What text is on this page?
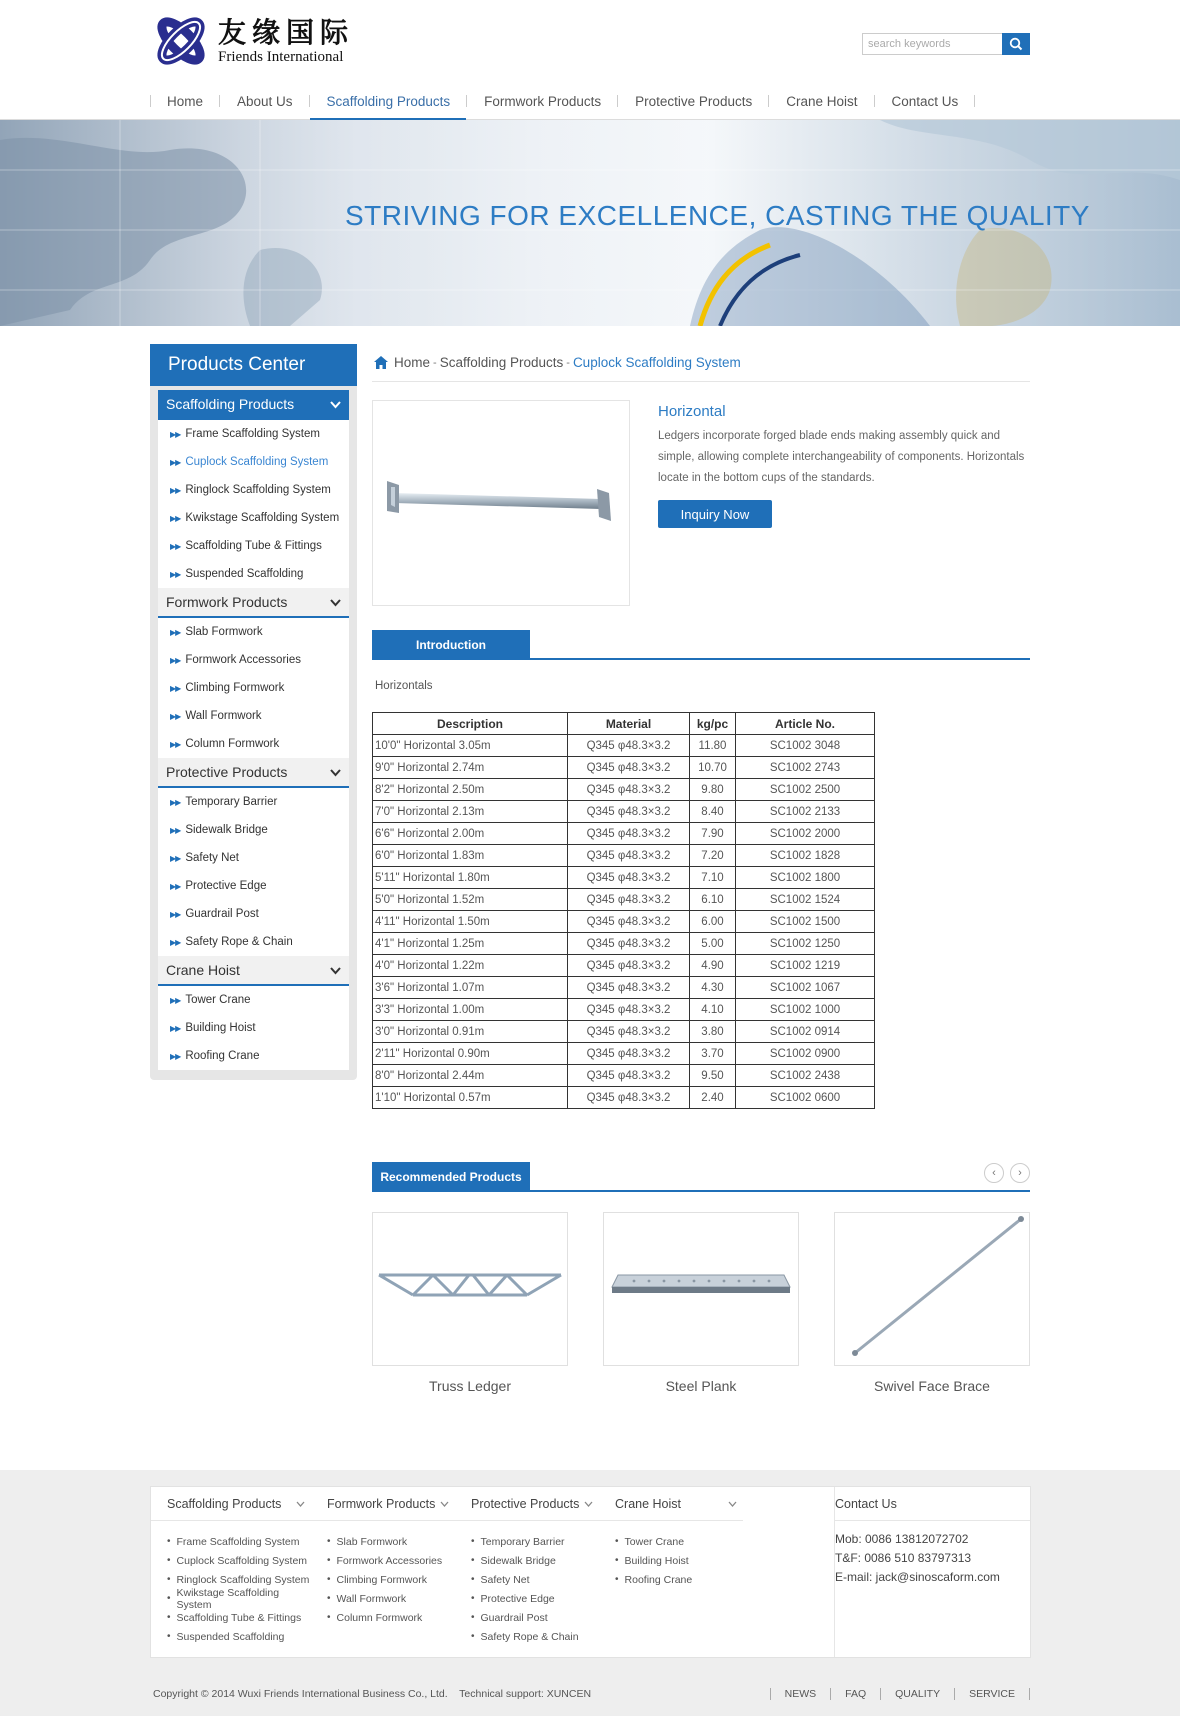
友缘国际
Friends International
search keywords
Home	About Us	Scaffolding Products	Formwork Products	Protective Products	Crane Hoist	Contact Us
STRIVING FOR EXCELLENCE, CASTING THE QUALITY
Products Center
Scaffolding Products
▶▶ Frame Scaffolding System
▶▶ Cuplock Scaffolding System
▶▶ Ringlock Scaffolding System
▶▶ Kwikstage Scaffolding System
▶▶ Scaffolding Tube & Fittings
▶▶ Suspended Scaffolding
Formwork Products
▶▶ Slab Formwork
▶▶ Formwork Accessories
▶▶ Climbing Formwork
▶▶ Wall Formwork
▶▶ Column Formwork
Protective Products
▶▶ Temporary Barrier
▶▶ Sidewalk Bridge
▶▶ Safety Net
▶▶ Protective Edge
▶▶ Guardrail Post
▶▶ Safety Rope & Chain
Crane Hoist
▶▶ Tower Crane
▶▶ Building Hoist
▶▶ Roofing Crane
Home - Scaffolding Products - Cuplock Scaffolding System
Horizontal
Ledgers incorporate forged blade ends making assembly quick and simple, allowing complete interchangeability of components. Horizontals locate in the bottom cups of the standards.
Inquiry Now
Introduction
Horizontals
Description	Material	kg/pc	Article No.
10'0" Horizontal 3.05m	Q345 φ48.3×3.2	11.80	SC1002 3048
9'0" Horizontal 2.74m	Q345 φ48.3×3.2	10.70	SC1002 2743
8'2" Horizontal 2.50m	Q345 φ48.3×3.2	9.80	SC1002 2500
7'0" Horizontal 2.13m	Q345 φ48.3×3.2	8.40	SC1002 2133
6'6" Horizontal 2.00m	Q345 φ48.3×3.2	7.90	SC1002 2000
6'0" Horizontal 1.83m	Q345 φ48.3×3.2	7.20	SC1002 1828
5'11" Horizontal 1.80m	Q345 φ48.3×3.2	7.10	SC1002 1800
5'0" Horizontal 1.52m	Q345 φ48.3×3.2	6.10	SC1002 1524
4'11" Horizontal 1.50m	Q345 φ48.3×3.2	6.00	SC1002 1500
4'1" Horizontal 1.25m	Q345 φ48.3×3.2	5.00	SC1002 1250
4'0" Horizontal 1.22m	Q345 φ48.3×3.2	4.90	SC1002 1219
3'6" Horizontal 1.07m	Q345 φ48.3×3.2	4.30	SC1002 1067
3'3" Horizontal 1.00m	Q345 φ48.3×3.2	4.10	SC1002 1000
3'0" Horizontal 0.91m	Q345 φ48.3×3.2	3.80	SC1002 0914
2'11" Horizontal 0.90m	Q345 φ48.3×3.2	3.70	SC1002 0900
8'0" Horizontal 2.44m	Q345 φ48.3×3.2	9.50	SC1002 2438
1'10" Horizontal 0.57m	Q345 φ48.3×3.2	2.40	SC1002 0600
Recommended Products	‹	›
Truss Ledger	Steel Plank	Swivel Face Brace
Scaffolding Products
• Frame Scaffolding System
• Cuplock Scaffolding System
• Ringlock Scaffolding System
• Kwikstage Scaffolding System
• Scaffolding Tube & Fittings
• Suspended Scaffolding
Formwork Products
• Slab Formwork
• Formwork Accessories
• Climbing Formwork
• Wall Formwork
• Column Formwork
Protective Products
• Temporary Barrier
• Sidewalk Bridge
• Safety Net
• Protective Edge
• Guardrail Post
• Safety Rope & Chain
Crane Hoist
• Tower Crane
• Building Hoist
• Roofing Crane
Contact Us
Mob: 0086 13812072702
T&F: 0086 510 83797313
E-mail: jack@sinoscaform.com
Copyright © 2014 Wuxi Friends International Business Co., Ltd.    Technical support: XUNCEN	NEWS	FAQ	QUALITY	SERVICE
